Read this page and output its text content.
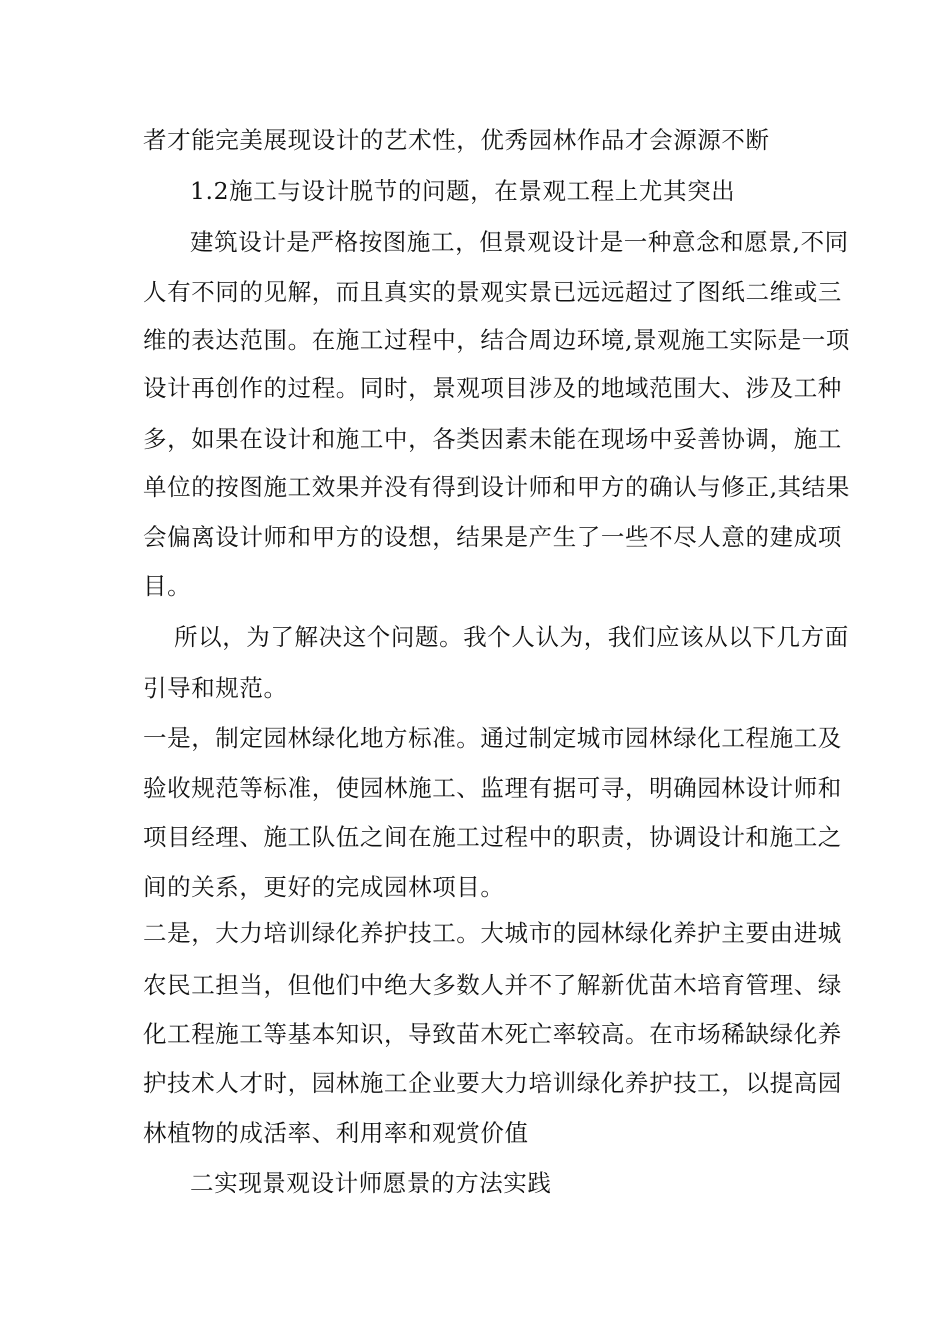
者才能完美展现设计的艺术性，优秀园林作品才会源源不断
1.2施工与设计脱节的问题，在景观工程上尤其突出
建筑设计是严格按图施工，但景观设计是一种意念和愿景,不同
人有不同的见解，而且真实的景观实景已远远超过了图纸二维或三
维的表达范围。在施工过程中，结合周边环境,景观施工实际是一项
设计再创作的过程。同时，景观项目涉及的地域范围大、涉及工种
多，如果在设计和施工中，各类因素未能在现场中妥善协调，施工
单位的按图施工效果并没有得到设计师和甲方的确认与修正,其结果
会偏离设计师和甲方的设想，结果是产生了一些不尽人意的建成项
目。
所以，为了解决这个问题。我个人认为，我们应该从以下几方面
引导和规范。
一是，制定园林绿化地方标准。通过制定城市园林绿化工程施工及
验收规范等标准，使园林施工、监理有据可寻，明确园林设计师和
项目经理、施工队伍之间在施工过程中的职责，协调设计和施工之
间的关系，更好的完成园林项目。
二是，大力培训绿化养护技工。大城市的园林绿化养护主要由进城
农民工担当，但他们中绝大多数人并不了解新优苗木培育管理、绿
化工程施工等基本知识，导致苗木死亡率较高。在市场稀缺绿化养
护技术人才时，园林施工企业要大力培训绿化养护技工，以提高园
林植物的成活率、利用率和观赏价值
二实现景观设计师愿景的方法实践
